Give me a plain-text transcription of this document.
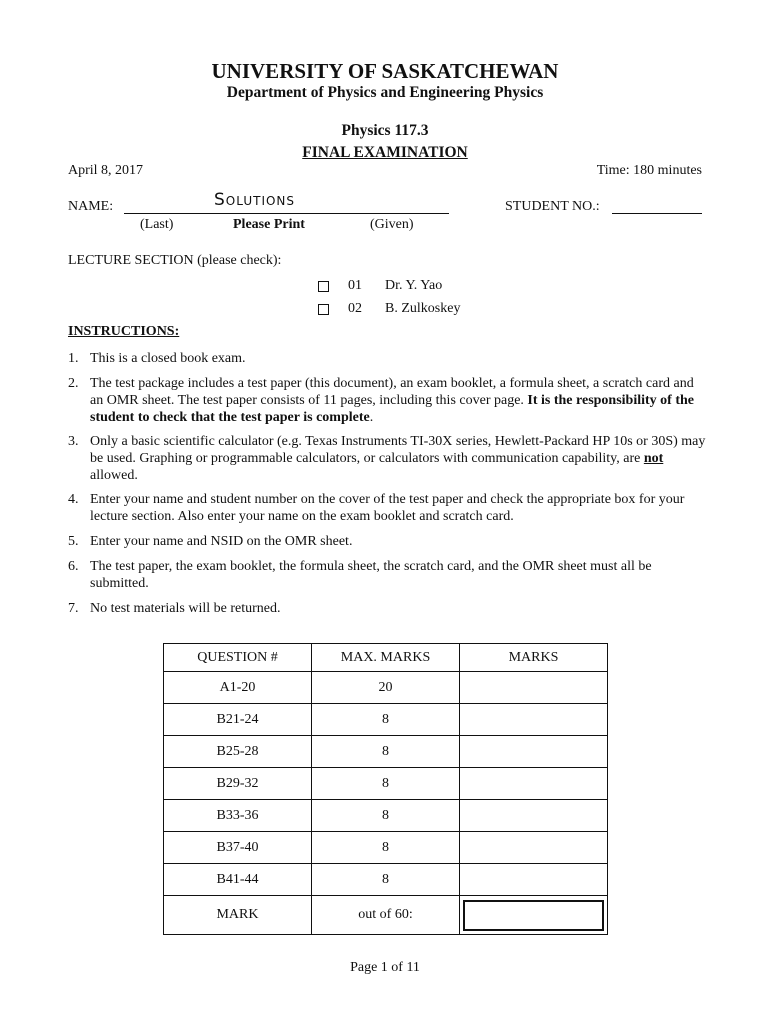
UNIVERSITY OF SASKATCHEWAN
Department of Physics and Engineering Physics
Physics 117.3
FINAL EXAMINATION
April 8, 2017	Time: 180 minutes
NAME:	Solutions	STUDENT NO.:
(Last)	Please Print	(Given)
LECTURE SECTION (please check):
01 Dr. Y. Yao
02 B. Zulkoskey
INSTRUCTIONS:
1. This is a closed book exam.
2. The test package includes a test paper (this document), an exam booklet, a formula sheet, a scratch card and an OMR sheet. The test paper consists of 11 pages, including this cover page. It is the responsibility of the student to check that the test paper is complete.
3. Only a basic scientific calculator (e.g. Texas Instruments TI-30X series, Hewlett-Packard HP 10s or 30S) may be used. Graphing or programmable calculators, or calculators with communication capability, are not allowed.
4. Enter your name and student number on the cover of the test paper and check the appropriate box for your lecture section. Also enter your name on the exam booklet and scratch card.
5. Enter your name and NSID on the OMR sheet.
6. The test paper, the exam booklet, the formula sheet, the scratch card, and the OMR sheet must all be submitted.
7. No test materials will be returned.
QUESTION #	MAX. MARKS	MARKS
A1-20	20	
B21-24	8	
B25-28	8	
B29-32	8	
B33-36	8	
B37-40	8	
B41-44	8	
MARK	out of 60:	
Page 1 of 11
